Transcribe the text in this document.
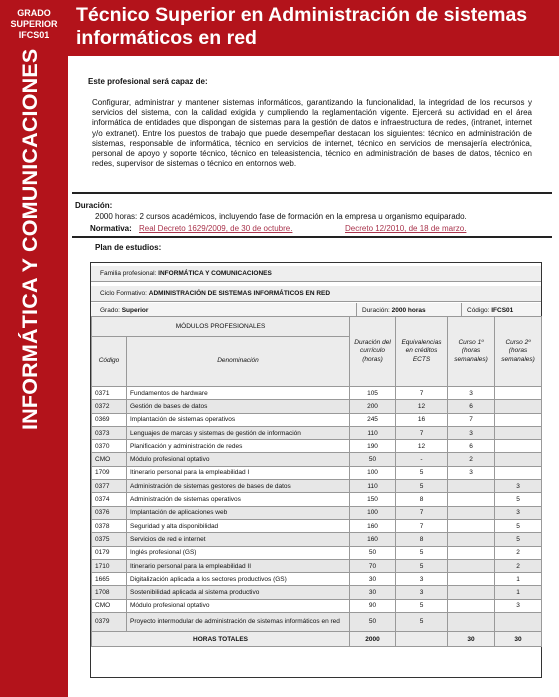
GRADO
SUPERIOR
IFCS01
INFORMÁTICA Y COMUNICACIONES
Técnico Superior en Administración de sistemas informáticos en red
Este profesional será capaz de:
Configurar, administrar y mantener sistemas informáticos, garantizando la funcionalidad, la integridad de los recursos y servicios del sistema, con la calidad exigida y cumpliendo la reglamentación vigente. Ejercerá su actividad en el área informática de entidades que dispongan de sistemas para la gestión de datos e infraestructura de redes, (intranet, internet y/o extranet). Entre los puestos de trabajo que puede desempeñar destacan los siguientes: técnico en administración de sistemas, responsable de informática, técnico en servicios de internet, técnico en servicios de mensajería electrónica, personal de apoyo y soporte técnico, técnico en teleasistencia, técnico en administración de bases de datos, técnico en redes, supervisor de sistemas o técnico en entornos web.
Duración:
2000 horas: 2 cursos académicos, incluyendo fase de formación en la empresa u organismo equiparado.
Normativa: Real Decreto 1629/2009, de 30 de octubre.	Decreto 12/2010, de 18 de marzo.
Plan de estudios:
Familia profesional:
INFORMÁTICA Y COMUNICACIONES
Ciclo Formativo:
ADMINISTRACIÓN DE SISTEMAS INFORMÁTICOS EN RED
Grado:
Superior	Duración:
2000 horas	Código:
IFCS01
MÓDULOS PROFESIONALES		Duración del currículo (horas)	Equivalencias en créditos ECTS	Curso 1º (horas semanales)	Curso 2º (horas semanales)
Código	Denominación				
0371	Fundamentos de hardware	105	7	3	
0372	Gestión de bases de datos	200	12	6	
0369	Implantación de sistemas operativos	245	16	7	
0373	Lenguajes de marcas y sistemas de gestión de información	110	7	3	
0370	Planificación y administración de redes	190	12	6	
CMO	Módulo profesional optativo	50	-	2	
1709	Itinerario personal para la empleabilidad I	100	5	3	
0377	Administración de sistemas gestores de bases de datos	110	5		3
0374	Administración de sistemas operativos	150	8		5
0376	Implantación de aplicaciones web	100	7		3
0378	Seguridad y alta disponibilidad	160	7		5
0375	Servicios de red e internet	160	8		5
0179	Inglés profesional (GS)	50	5		2
1710	Itinerario personal para la empleabilidad II	70	5		2
1665	Digitalización aplicada a los sectores productivos (GS)	30	3		1
1708	Sostenibilidad aplicada al sistema productivo	30	3		1
CMO	Módulo profesional optativo	90	5		3
0379	Proyecto intermodular de administración de sistemas informáticos en red	50	5		
HORAS TOTALES		2000		30	30
